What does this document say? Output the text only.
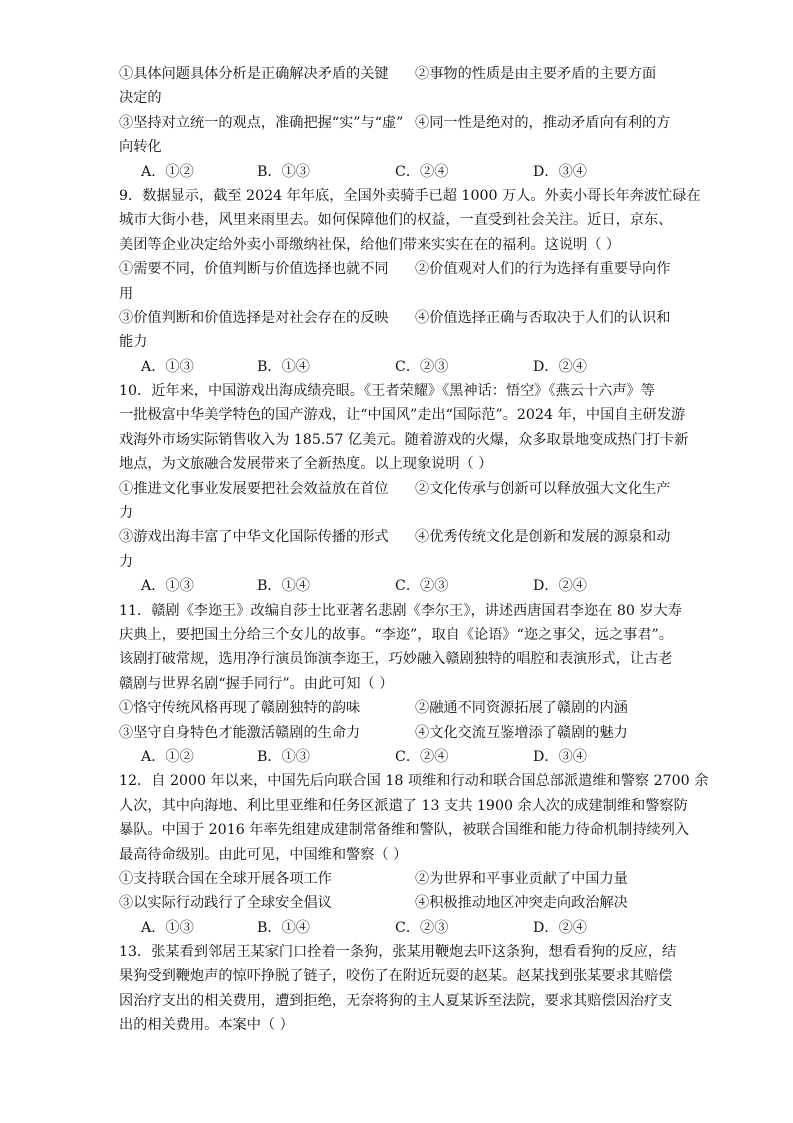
①具体问题具体分析是正确解决矛盾的关键	②事物的性质是由主要矛盾的主要方面
决定的
③坚持对立统一的观点，准确把握“实”与“虚” ④同一性是绝对的，推动矛盾向有利的方
向转化
A．①②	B．①③	C．②④	D．③④
9．数据显示，截至 2024 年年底，全国外卖骑手已超 1000 万人。外卖小哥长年奔波忙碌在
城市大街小巷，风里来雨里去。如何保障他们的权益，一直受到社会关注。近日，京东、
美团等企业决定给外卖小哥缴纳社保，给他们带来实实在在的福利。这说明（ ）
①需要不同，价值判断与价值选择也就不同	②价值观对人们的行为选择有重要导向作
用
③价值判断和价值选择是对社会存在的反映	④价值选择正确与否取决于人们的认识和
能力
A．①③	B．①④	C．②③	D．②④
10．近年来，中国游戏出海成绩亮眼。《王者荣耀》《黑神话：悟空》《燕云十六声》等
一批极富中华美学特色的国产游戏，让“中国风”走出“国际范”。2024 年，中国自主研发游
戏海外市场实际销售收入为 185.57 亿美元。随着游戏的火爆，众多取景地变成热门打卡新
地点，为文旅融合发展带来了全新热度。以上现象说明（ ）
①推进文化事业发展要把社会效益放在首位	②文化传承与创新可以释放强大文化生产
力
③游戏出海丰富了中华文化国际传播的形式	④优秀传统文化是创新和发展的源泉和动
力
A．①③	B．①④	C．②③	D．②④
11．赣剧《李迩王》改编自莎士比亚著名悲剧《李尔王》，讲述西唐国君李迩在 80 岁大寿
庆典上，要把国土分给三个女儿的故事。“李迩”，取自《论语》“迩之事父，远之事君”。
该剧打破常规，选用净行演员饰演李迩王，巧妙融入赣剧独特的唱腔和表演形式，让古老
赣剧与世界名剧“握手同行”。由此可知（ ）
①恪守传统风格再现了赣剧独特的韵味	②融通不同资源拓展了赣剧的内涵
③坚守自身特色才能激活赣剧的生命力	④文化交流互鉴增添了赣剧的魅力
A．①②	B．①③	C．②④	D．③④
12．自 2000 年以来，中国先后向联合国 18 项维和行动和联合国总部派遣维和警察 2700 余
人次，其中向海地、利比里亚维和任务区派遣了 13 支共 1900 余人次的成建制维和警察防
暴队。中国于 2016 年率先组建成建制常备维和警队，被联合国维和能力待命机制持续列入
最高待命级别。由此可见，中国维和警察（ ）
①支持联合国在全球开展各项工作	②为世界和平事业贡献了中国力量
③以实际行动践行了全球安全倡议	④积极推动地区冲突走向政治解决
A．①③	B．①④	C．②③	D．②④
13．张某看到邻居王某家门口拴着一条狗，张某用鞭炮去吓这条狗，想看看狗的反应，结
果狗受到鞭炮声的惊吓挣脱了链子，咬伤了在附近玩耍的赵某。赵某找到张某要求其赔偿
因治疗支出的相关费用，遭到拒绝，无奈将狗的主人夏某诉至法院，要求其赔偿因治疗支
出的相关费用。本案中（ ）
